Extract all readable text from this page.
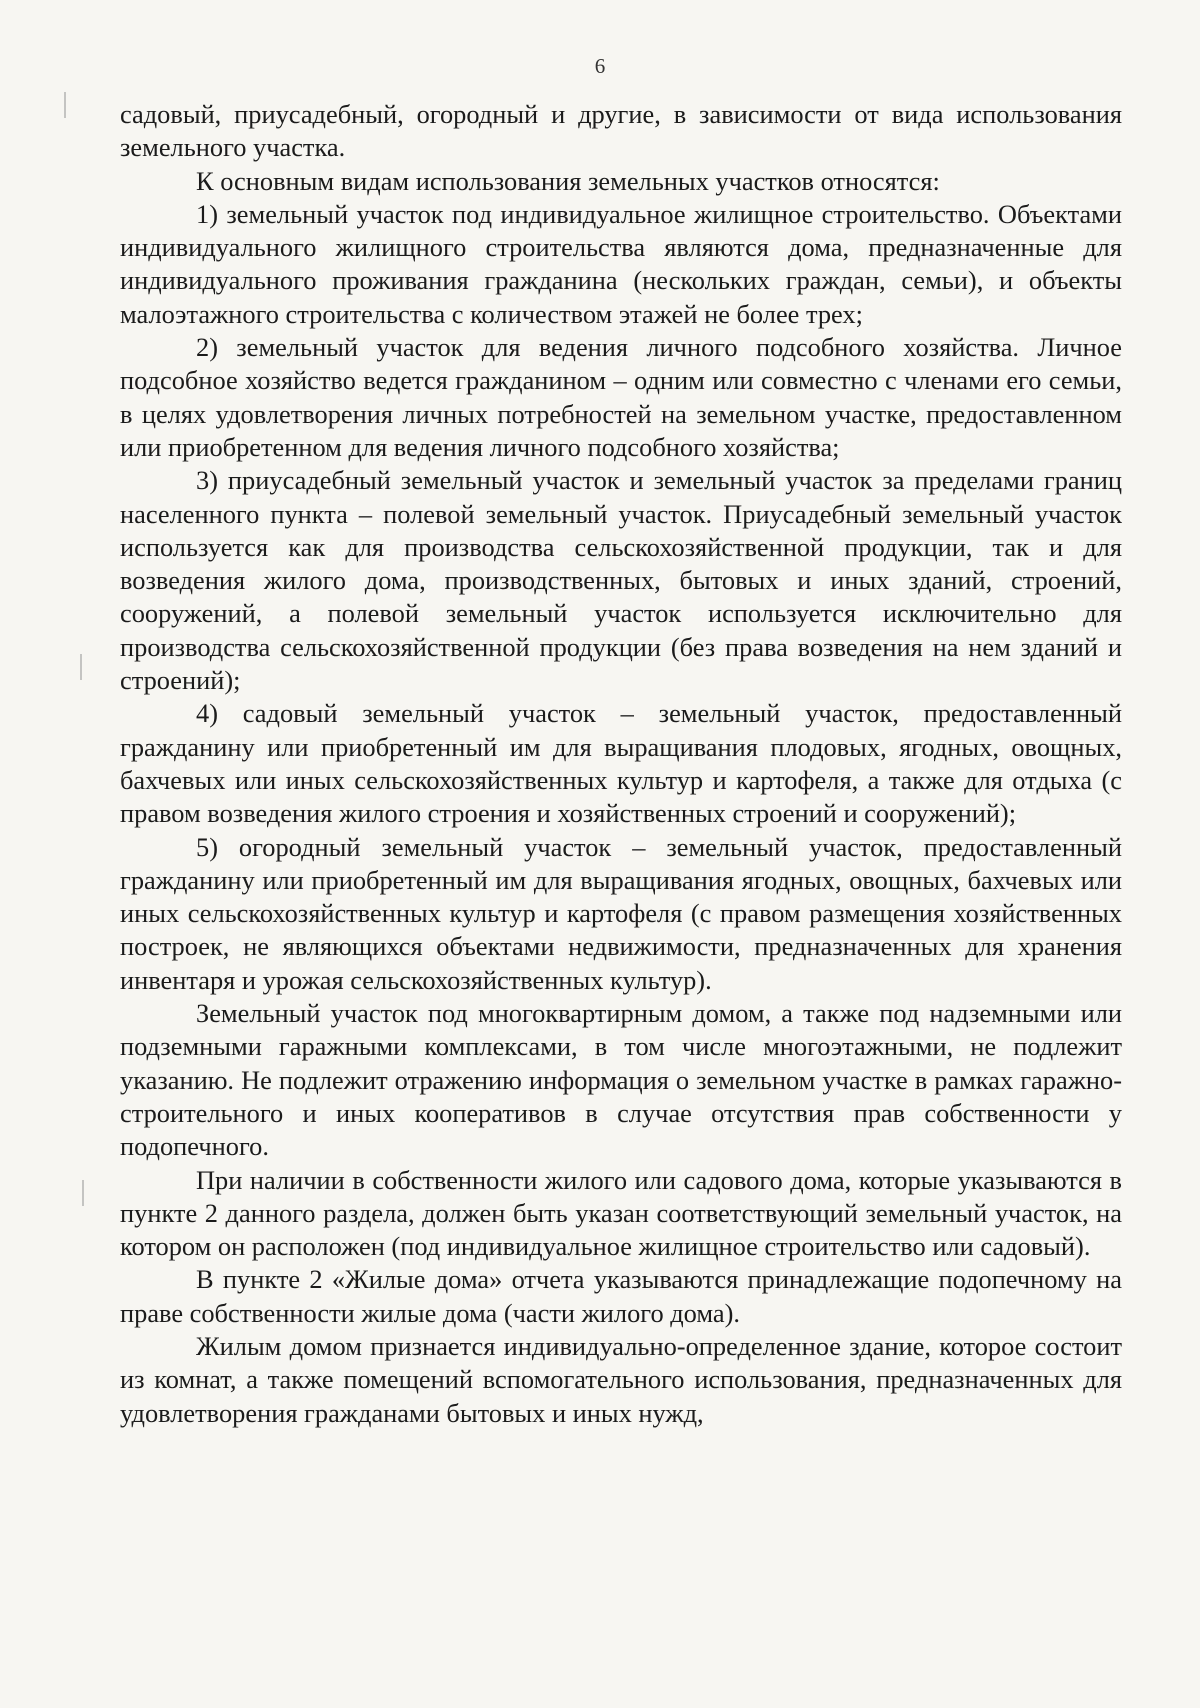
6

садовый, приусадебный, огородный и другие, в зависимости от вида использования земельного участка.

К основным видам использования земельных участков относятся:

1) земельный участок под индивидуальное жилищное строительство. Объектами индивидуального жилищного строительства являются дома, предназначенные для индивидуального проживания гражданина (нескольких граждан, семьи), и объекты малоэтажного строительства с количеством этажей не более трех;

2) земельный участок для ведения личного подсобного хозяйства. Личное подсобное хозяйство ведется гражданином – одним или совместно с членами его семьи, в целях удовлетворения личных потребностей на земельном участке, предоставленном или приобретенном для ведения личного подсобного хозяйства;

3) приусадебный земельный участок и земельный участок за пределами границ населенного пункта – полевой земельный участок. Приусадебный земельный участок используется как для производства сельскохозяйственной продукции, так и для возведения жилого дома, производственных, бытовых и иных зданий, строений, сооружений, а полевой земельный участок используется исключительно для производства сельскохозяйственной продукции (без права возведения на нем зданий и строений);

4) садовый земельный участок – земельный участок, предоставленный гражданину или приобретенный им для выращивания плодовых, ягодных, овощных, бахчевых или иных сельскохозяйственных культур и картофеля, а также для отдыха (с правом возведения жилого строения и хозяйственных строений и сооружений);

5) огородный земельный участок – земельный участок, предоставленный гражданину или приобретенный им для выращивания ягодных, овощных, бахчевых или иных сельскохозяйственных культур и картофеля (с правом размещения хозяйственных построек, не являющихся объектами недвижимости, предназначенных для хранения инвентаря и урожая сельскохозяйственных культур).

Земельный участок под многоквартирным домом, а также под надземными или подземными гаражными комплексами, в том числе многоэтажными, не подлежит указанию. Не подлежит отражению информация о земельном участке в рамках гаражно-строительного и иных кооперативов в случае отсутствия прав собственности у подопечного.

При наличии в собственности жилого или садового дома, которые указываются в пункте 2 данного раздела, должен быть указан соответствующий земельный участок, на котором он расположен (под индивидуальное жилищное строительство или садовый).

В пункте 2 «Жилые дома» отчета указываются принадлежащие подопечному на праве собственности жилые дома (части жилого дома).

Жилым домом признается индивидуально-определенное здание, которое состоит из комнат, а также помещений вспомогательного использования, предназначенных для удовлетворения гражданами бытовых и иных нужд,
